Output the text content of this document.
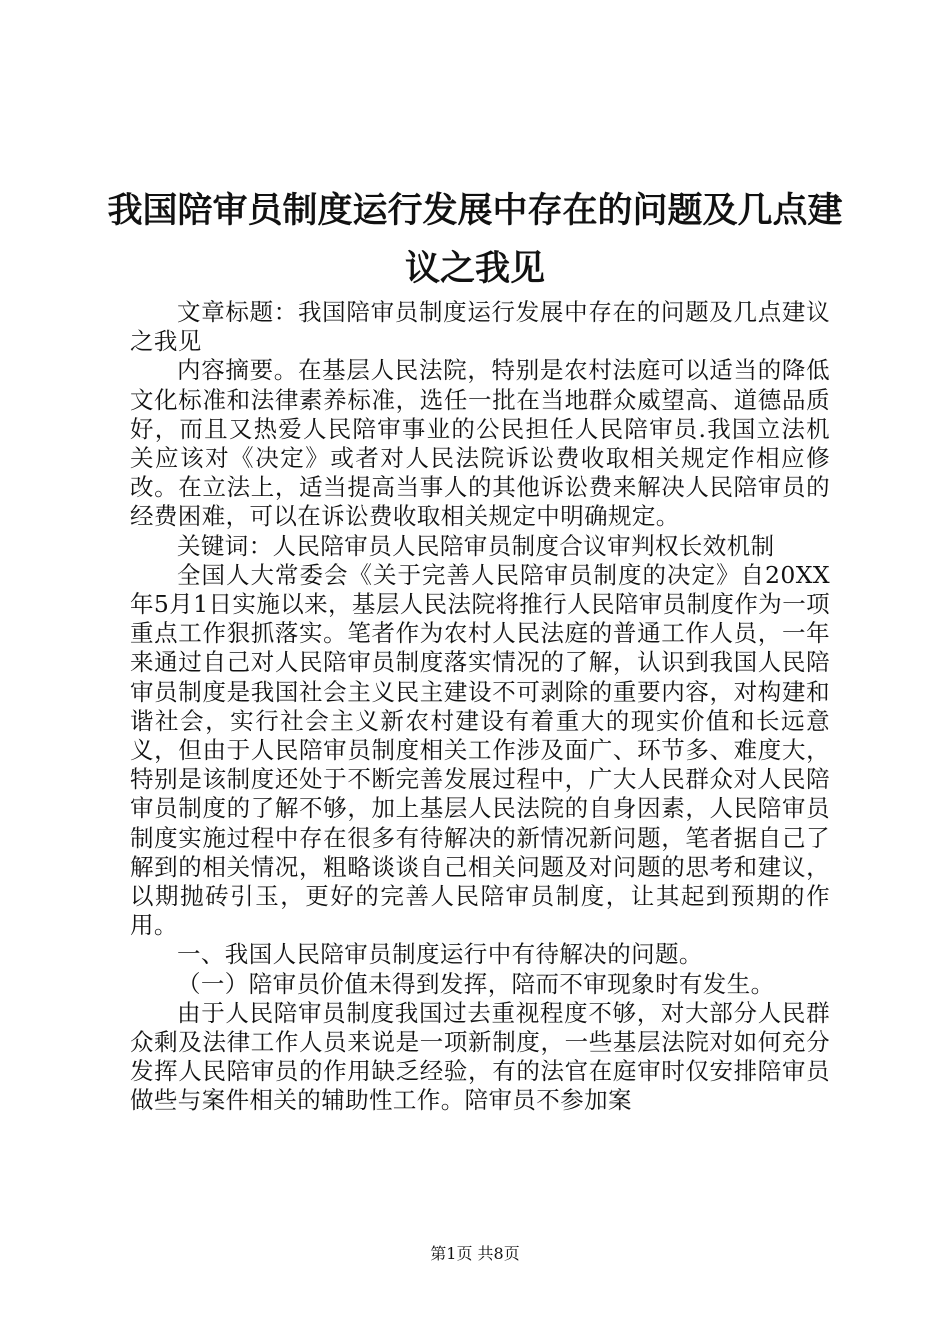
我国陪审员制度运行发展中存在的问题及几点建议之我见

文章标题：我国陪审员制度运行发展中存在的问题及几点建议之我见

内容摘要。在基层人民法院，特别是农村法庭可以适当的降低文化标准和法律素养标准，选任一批在当地群众威望高、道德品质好，而且又热爱人民陪审事业的公民担任人民陪审员.我国立法机关应该对《决定》或者对人民法院诉讼费收取相关规定作相应修改。在立法上，适当提高当事人的其他诉讼费来解决人民陪审员的经费困难，可以在诉讼费收取相关规定中明确规定。

关键词：人民陪审员人民陪审员制度合议审判权长效机制

全国人大常委会《关于完善人民陪审员制度的决定》自20XX年5月1日实施以来，基层人民法院将推行人民陪审员制度作为一项重点工作狠抓落实。笔者作为农村人民法庭的普通工作人员，一年来通过自己对人民陪审员制度落实情况的了解，认识到我国人民陪审员制度是我国社会主义民主建设不可剥除的重要内容，对构建和谐社会，实行社会主义新农村建设有着重大的现实价值和长远意义，但由于人民陪审员制度相关工作涉及面广、环节多、难度大，特别是该制度还处于不断完善发展过程中，广大人民群众对人民陪审员制度的了解不够，加上基层人民法院的自身因素，人民陪审员制度实施过程中存在很多有待解决的新情况新问题，笔者据自己了解到的相关情况，粗略谈谈自己相关问题及对问题的思考和建议，以期抛砖引玉，更好的完善人民陪审员制度，让其起到预期的作用。

一、我国人民陪审员制度运行中有待解决的问题。

（一）陪审员价值未得到发挥，陪而不审现象时有发生。

由于人民陪审员制度我国过去重视程度不够，对大部分人民群众剩及法律工作人员来说是一项新制度，一些基层法院对如何充分发挥人民陪审员的作用缺乏经验，有的法官在庭审时仅安排陪审员做些与案件相关的辅助性工作。陪审员不参加案

第1页 共8页
